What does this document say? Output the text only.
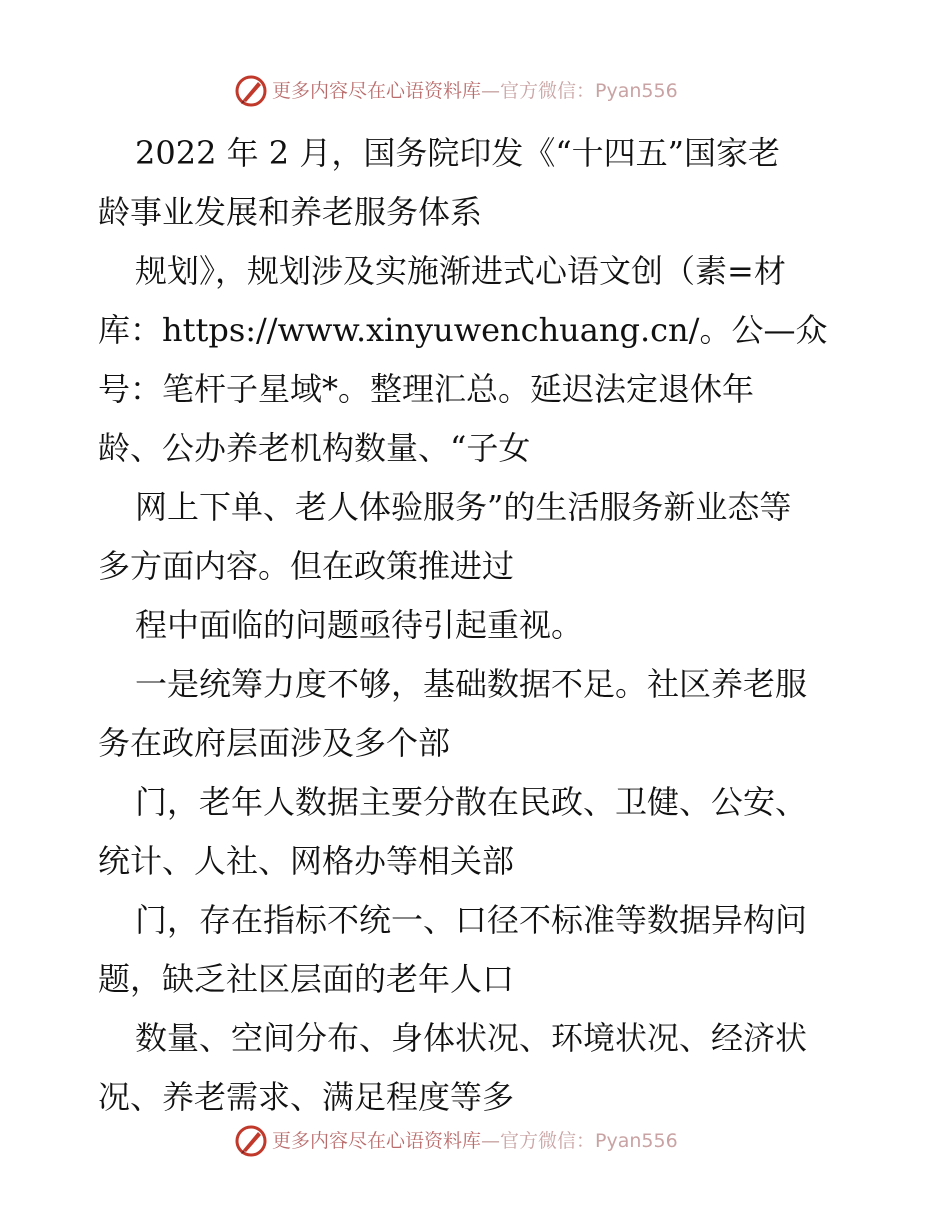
更多内容尽在心语资料库—官方微信：Pyan556
2022 年 2 月，国务院印发《“十四五”国家老
龄事业发展和养老服务体系
规划》，规划涉及实施渐进式心语文创（素=材
库：https://www.xinyuwenchuang.cn/。公—众
号：笔杆子星域*。整理汇总。延迟法定退休年
龄、公办养老机构数量、“子女
网上下单、老人体验服务”的生活服务新业态等
多方面内容。但在政策推进过
程中面临的问题亟待引起重视。
一是统筹力度不够，基础数据不足。社区养老服
务在政府层面涉及多个部
门，老年人数据主要分散在民政、卫健、公安、
统计、人社、网格办等相关部
门，存在指标不统一、口径不标准等数据异构问
题，缺乏社区层面的老年人口
数量、空间分布、身体状况、环境状况、经济状
况、养老需求、满足程度等多
更多内容尽在心语资料库—官方微信：Pyan556
